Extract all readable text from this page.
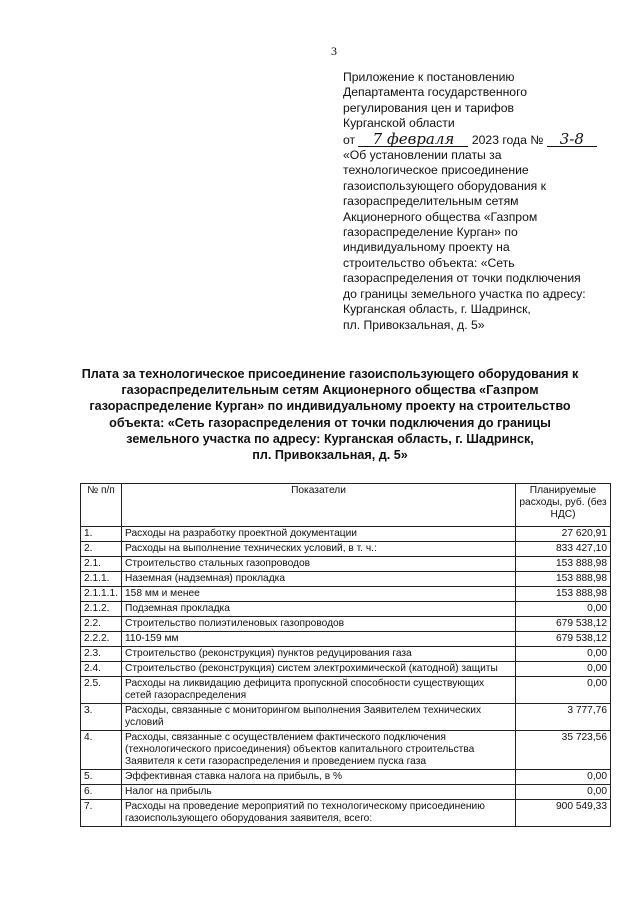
3
Приложение к постановлению
Департамента государственного
регулирования цен и тарифов
Курганской области
от 7 февраля 2023 года № 3-8
«Об установлении платы за
технологическое присоединение
газоиспользующего оборудования к
газораспределительным сетям
Акционерного общества «Газпром
газораспределение Курган» по
индивидуальному проекту на
строительство объекта: «Сеть
газораспределения от точки подключения
до границы земельного участка по адресу:
Курганская область, г. Шадринск,
пл. Привокзальная, д. 5»
Плата за технологическое присоединение газоиспользующего оборудования к
газораспределительным сетям Акционерного общества «Газпром
газораспределение Курган» по индивидуальному проекту на строительство
объекта: «Сеть газораспределения от точки подключения до границы
земельного участка по адресу: Курганская область, г. Шадринск,
пл. Привокзальная, д. 5»
№ п/п	Показатели	Планируемые расходы, руб. (без НДС)
1.	Расходы на разработку проектной документации	27 620,91
2.	Расходы на выполнение технических условий, в т. ч.:	833 427,10
2.1.	Строительство стальных газопроводов	153 888,98
2.1.1.	Наземная (надземная) прокладка	153 888,98
2.1.1.1.	158 мм и менее	153 888,98
2.1.2.	Подземная прокладка	0,00
2.2.	Строительство полиэтиленовых газопроводов	679 538,12
2.2.2.	110-159 мм	679 538,12
2.3.	Строительство (реконструкция) пунктов редуцирования газа	0,00
2.4.	Строительство (реконструкция) систем электрохимической (катодной) защиты	0,00
2.5.	Расходы на ликвидацию дефицита пропускной способности существующих сетей газораспределения	0,00
3.	Расходы, связанные с мониторингом выполнения Заявителем технических условий	3 777,76
4.	Расходы, связанные с осуществлением фактического подключения (технологического присоединения) объектов капитального строительства Заявителя к сети газораспределения и проведением пуска газа	35 723,56
5.	Эффективная ставка налога на прибыль, в %	0,00
6.	Налог на прибыль	0,00
7.	Расходы на проведение мероприятий по технологическому присоединению газоиспользующего оборудования заявителя, всего:	900 549,33
